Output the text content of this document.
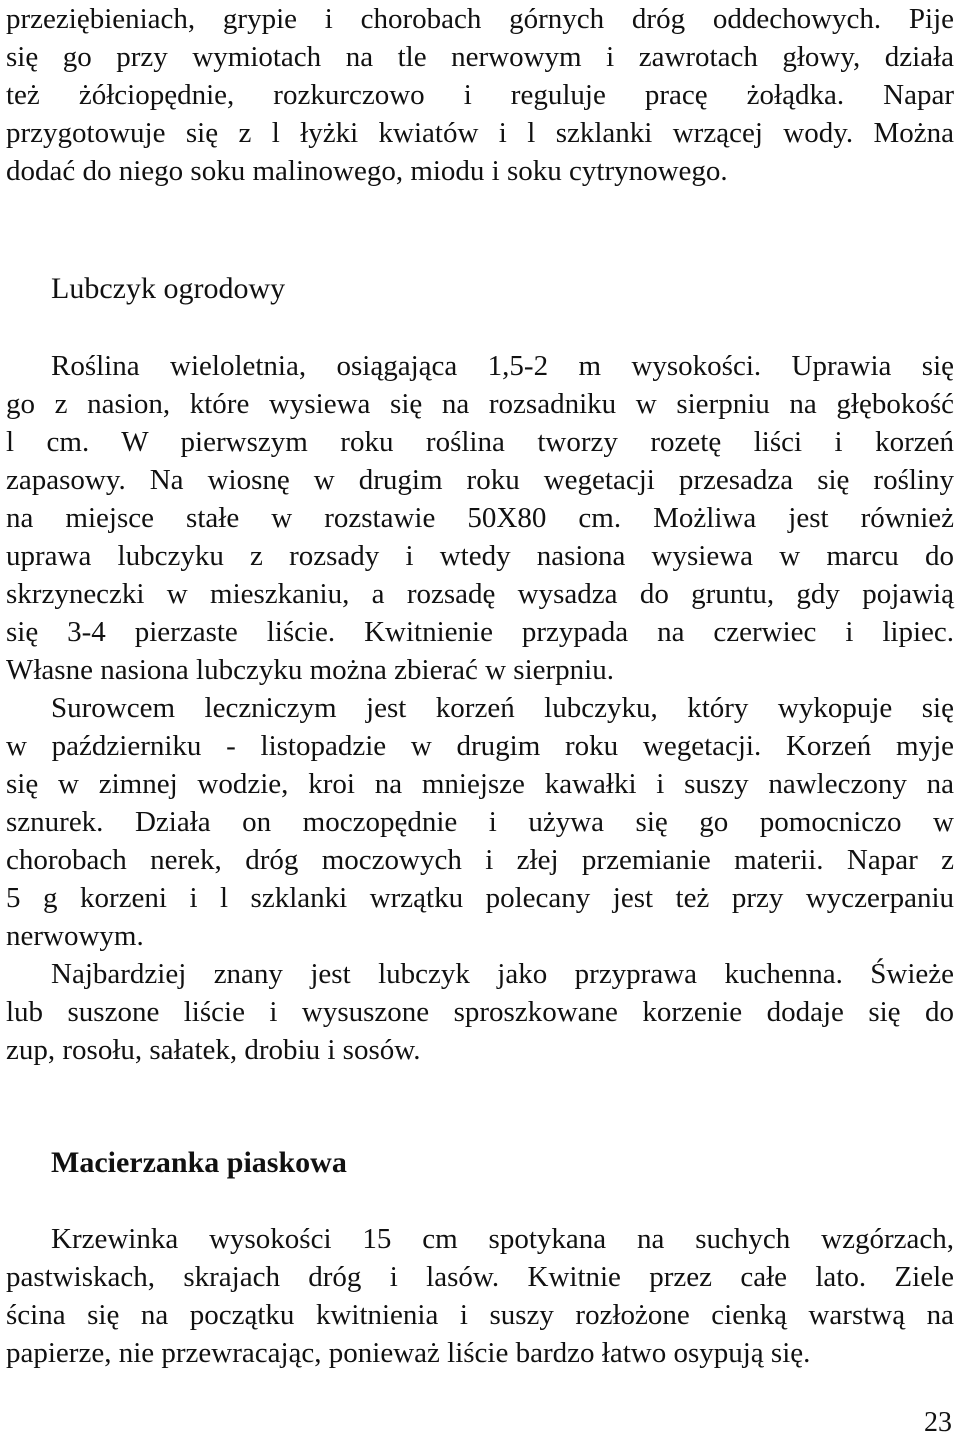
przeziębieniach, grypie i chorobach górnych dróg oddechowych. Pije
się go przy wymiotach na tle nerwowym i zawrotach głowy, działa
też żółciopędnie, rozkurczowo i reguluje pracę żołądka. Napar
przygotowuje się z l łyżki kwiatów i l szklanki wrzącej wody. Można
dodać do niego soku malinowego, miodu i soku cytrynowego.
Lubczyk ogrodowy
Roślina wieloletnia, osiągająca 1,5-2 m wysokości. Uprawia się
go z nasion, które wysiewa się na rozsadniku w sierpniu na głębokość
l cm. W pierwszym roku roślina tworzy rozetę liści i korzeń
zapasowy. Na wiosnę w drugim roku wegetacji przesadza się rośliny
na miejsce stałe w rozstawie 50X80 cm. Możliwa jest również
uprawa lubczyku z rozsady i wtedy nasiona wysiewa w marcu do
skrzyneczki w mieszkaniu, a rozsadę wysadza do gruntu, gdy pojawią
się 3-4 pierzaste liście. Kwitnienie przypada na czerwiec i lipiec.
Własne nasiona lubczyku można zbierać w sierpniu.
Surowcem leczniczym jest korzeń lubczyku, który wykopuje się
w październiku - listopadzie w drugim roku wegetacji. Korzeń myje
się w zimnej wodzie, kroi na mniejsze kawałki i suszy nawleczony na
sznurek. Działa on moczopędnie i używa się go pomocniczo w
chorobach nerek, dróg moczowych i złej przemianie materii. Napar z
5 g korzeni i l szklanki wrzątku polecany jest też przy wyczerpaniu
nerwowym.
Najbardziej znany jest lubczyk jako przyprawa kuchenna. Świeże
lub suszone liście i wysuszone sproszkowane korzenie dodaje się do
zup, rosołu, sałatek, drobiu i sosów.
Macierzanka piaskowa
Krzewinka wysokości 15 cm spotykana na suchych wzgórzach,
pastwiskach, skrajach dróg i lasów. Kwitnie przez całe lato. Ziele
ścina się na początku kwitnienia i suszy rozłożone cienką warstwą na
papierze, nie przewracając, ponieważ liście bardzo łatwo osypują się.
23
